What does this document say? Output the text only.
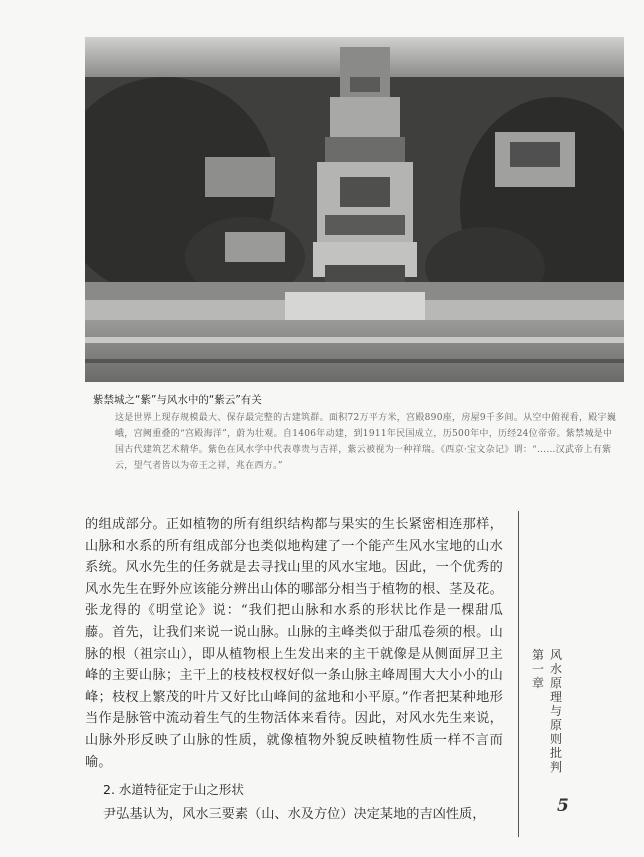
紫禁城之“紫”与风水中的“紫云”有关
这是世界上现存规模最大、保存最完整的古建筑群。面积72万平方米，宫殿890座，房屋9千多间。从空中俯视看，殿宇巍峨，宫阙重叠的“宫殿海洋”，蔚为壮观。自1406年动建，到1911年民国成立，历500年中，历经24位帝帝。紫禁城是中国古代建筑艺术精华。紫色在风水学中代表尊贵与吉祥，紫云被视为一种祥瑞。《西京·宝文杂记》谓：“……汉武帝上有紫云，望气者皆以为帝王之祥，兆在西方。”

的组成部分。正如植物的所有组织结构都与果实的生长紧密相连那样，山脉和水系的所有组成部分也类似地构建了一个能产生风水宝地的山水系统。风水先生的任务就是去寻找山里的风水宝地。因此，一个优秀的风水先生在野外应该能分辨出山体的哪部分相当于植物的根、茎及花。张龙得的《明堂论》说：“我们把山脉和水系的形状比作是一棵甜瓜藤。首先，让我们来说一说山脉。山脉的主峰类似于甜瓜卷须的根。山脉的根（祖宗山），即从植物根上生发出来的主干就像是从侧面屏卫主峰的主要山脉；主干上的枝枝杈杈好似一条山脉主峰周围大大小小的山峰；枝杈上繁茂的叶片又好比山峰间的盆地和小平原。”作者把某种地形当作是脉管中流动着生气的生物活体来看待。因此，对风水先生来说，山脉外形反映了山脉的性质，就像植物外貌反映植物性质一样不言而喻。

2. 水道特征定于山之形状
尹弘基认为，风水三要素（山、水及方位）决定某地的吉凶性质，
第一章
风水原理与原则批判
5
